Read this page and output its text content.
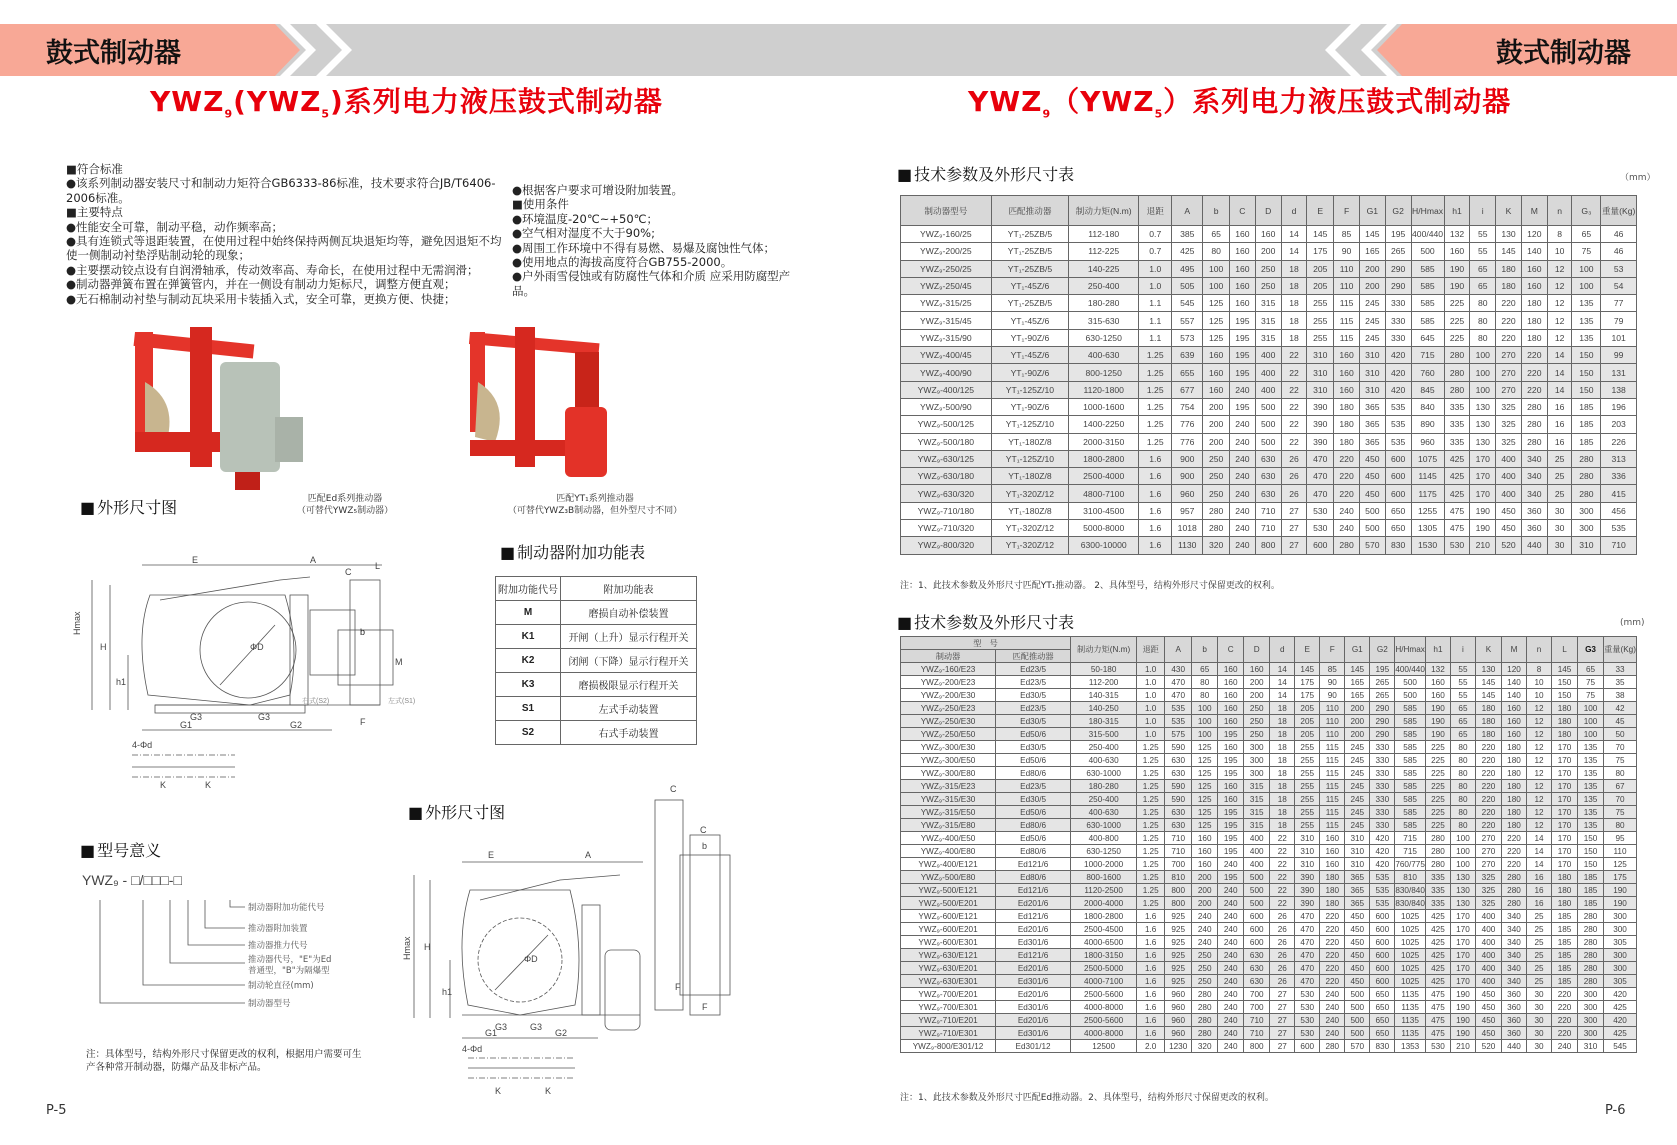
鼓式制动器	鼓式制动器
$YWZ_9(YWZ_5)$系列电力液压鼓式制动器	$YWZ_9(YWZ_5)$系列电力液压鼓式制动器

■符合标准

●该系列制动器安装尺寸和制动力矩符合GB6333-86标准，技术要求符合JB/T6406-2006标准。

■主要特点

●性能安全可靠，制动平稳，动作频率高；

●具有连锁式等退距装置，在使用过程中始终保持两侧瓦块退矩均等，避免因退矩不均使一侧制动衬垫浮贴制动轮的现象；

●主要摆动铰点设有自润滑轴承，传动效率高、寿命长，在使用过程中无需润滑；

●制动器弹簧布置在弹簧管内，并在一侧设有制动力矩标尺，调整方便直观；

●无石棉制动衬垫与制动瓦块采用卡装插入式，安全可靠，更换方便、快捷；

●根据客户要求可增设附加装置。

■使用条件

●环境温度-20℃~+50℃；

●空气相对湿度不大于90%;

●周围工作环境中不得有易燃、易爆及腐蚀性气体；

●使用地点的海拔高度符合GB755-2000。

●户外雨雪侵蚀或有防腐性气体和介质 应采用防腐型产品。

匹配Ed系列推动器
（可替代YWZ₅制动器）
匹配YT₁系列推动器
（可替代YWZ₃B制动器，但外型尺寸不同）
■ 外形尺寸图
E	A
ΦD
Hmax
H
h1
G3	G3
G1	G2
b
C
L
M
F
右式(S2)	左式(S1)
4-Φd
K	K
■ 制动器附加功能表
附加功能代号	附加功能表
M	磨损自动补偿装置
K1	开闸（上升）显示行程开关
K2	闭闸（下降）显示行程开关
K3	磨损极限显示行程开关
S1	左式手动装置
S2	右式手动装置
■ 型号意义
YWZ₉ - □/□□□-□
制动器附加功能代号
推动器附加装置
推动器推力代号
推动器代号，"E"为Ed
普通型，"B"为隔爆型
制动轮直径(mm)
制动器型号
注：具体型号，结构外形尺寸保留更改的权利，根据用户需要可生产各种常开制动器，防爆产品及非标产品。
■ 外形尺寸图
E	A
ΦD
Hmax H
h1
G3	G3
G1	G2
C
F
4-Φd
K	K
C
b
F
P-5	P-6
■ 技术参数及外形尺寸表	（mm）
制动器型号	匹配推动器	制动力矩(N.m)	退距	A	b	C	D	d	E	F	G1	G2	H/Hmax	h1	i	K	M	n	G₃	重量(Kg)
YWZ₉-160/25	YT₁-25ZB/5	112-180	0.7	385	65	160	160	14	145	85	145	195	400/440	132	55	130	120	8	65	46
YWZ₉-200/25	YT₁-25ZB/5	112-225	0.7	425	80	160	200	14	175	90	165	265	500	160	55	145	140	10	75	46
YWZ₉-250/25	YT₁-25ZB/5	140-225	1.0	495	100	160	250	18	205	110	200	290	585	190	65	180	160	12	100	53
YWZ₉-250/45	YT₁-45Z/6	250-400	1.0	505	100	160	250	18	205	110	200	290	585	190	65	180	160	12	100	54
YWZ₉-315/25	YT₁-25ZB/5	180-280	1.1	545	125	160	315	18	255	115	245	330	585	225	80	220	180	12	135	77
YWZ₉-315/45	YT₁-45Z/6	315-630	1.1	557	125	195	315	18	255	115	245	330	585	225	80	220	180	12	135	79
YWZ₉-315/90	YT₁-90Z/6	630-1250	1.1	573	125	195	315	18	255	115	245	330	645	225	80	220	180	12	135	101
YWZ₉-400/45	YT₁-45Z/6	400-630	1.25	639	160	195	400	22	310	160	310	420	715	280	100	270	220	14	150	99
YWZ₉-400/90	YT₁-90Z/6	800-1250	1.25	655	160	195	400	22	310	160	310	420	760	280	100	270	220	14	150	131
YWZ₉-400/125	YT₁-125Z/10	1120-1800	1.25	677	160	240	400	22	310	160	310	420	845	280	100	270	220	14	150	138
YWZ₉-500/90	YT₁-90Z/6	1000-1600	1.25	754	200	195	500	22	390	180	365	535	840	335	130	325	280	16	185	196
YWZ₉-500/125	YT₁-125Z/10	1400-2250	1.25	776	200	240	500	22	390	180	365	535	890	335	130	325	280	16	185	203
YWZ₉-500/180	YT₁-180Z/8	2000-3150	1.25	776	200	240	500	22	390	180	365	535	960	335	130	325	280	16	185	226
YWZ₉-630/125	YT₁-125Z/10	1800-2800	1.6	900	250	240	630	26	470	220	450	600	1075	425	170	400	340	25	280	313
YWZ₉-630/180	YT₁-180Z/8	2500-4000	1.6	900	250	240	630	26	470	220	450	600	1145	425	170	400	340	25	280	336
YWZ₉-630/320	YT₁-320Z/12	4800-7100	1.6	960	250	240	630	26	470	220	450	600	1175	425	170	400	340	25	280	415
YWZ₉-710/180	YT₁-180Z/8	3100-4500	1.6	957	280	240	710	27	530	240	500	650	1255	475	190	450	360	30	300	456
YWZ₉-710/320	YT₁-320Z/12	5000-8000	1.6	1018	280	240	710	27	530	240	500	650	1305	475	190	450	360	30	300	535
YWZ₉-800/320	YT₁-320Z/12	6300-10000	1.6	1130	320	240	800	27	600	280	570	830	1530	530	210	520	440	30	310	710
注：1、此技术参数及外形尺寸匹配YT₁推动器。 2、具体型号，结构外形尺寸保留更改的权利。
■ 技术参数及外形尺寸表	(mm)
型　号		制动力矩(N.m)	退距	A	b	C	D	d	E	F	G1	G2	H/Hmax	h1	i	K	M	n	L	G3	重量(Kg)
制动器	匹配推动器																				
YWZ₉-160/E23	Ed23/5	50-180	1.0	430	65	160	160	14	145	85	145	195	400/440	132	55	130	120	8	145	65	33
YWZ₉-200/E23	Ed23/5	112-200	1.0	470	80	160	200	14	175	90	165	265	500	160	55	145	140	10	150	75	35
YWZ₉-200/E30	Ed30/5	140-315	1.0	470	80	160	200	14	175	90	165	265	500	160	55	145	140	10	150	75	38
YWZ₉-250/E23	Ed23/5	140-250	1.0	535	100	160	250	18	205	110	200	290	585	190	65	180	160	12	180	100	42
YWZ₉-250/E30	Ed30/5	180-315	1.0	535	100	160	250	18	205	110	200	290	585	190	65	180	160	12	180	100	45
YWZ₉-250/E50	Ed50/6	315-500	1.0	575	100	195	250	18	205	110	200	290	585	190	65	180	160	12	180	100	50
YWZ₉-300/E30	Ed30/5	250-400	1.25	590	125	160	300	18	255	115	245	330	585	225	80	220	180	12	170	135	70
YWZ₉-300/E50	Ed50/6	400-630	1.25	630	125	195	300	18	255	115	245	330	585	225	80	220	180	12	170	135	75
YWZ₉-300/E80	Ed80/6	630-1000	1.25	630	125	195	300	18	255	115	245	330	585	225	80	220	180	12	170	135	80
YWZ₉-315/E23	Ed23/5	180-280	1.25	590	125	160	315	18	255	115	245	330	585	225	80	220	180	12	170	135	67
YWZ₉-315/E30	Ed30/5	250-400	1.25	590	125	160	315	18	255	115	245	330	585	225	80	220	180	12	170	135	70
YWZ₉-315/E50	Ed50/6	400-630	1.25	630	125	195	315	18	255	115	245	330	585	225	80	220	180	12	170	135	75
YWZ₉-315/E80	Ed80/6	630-1000	1.25	630	125	195	315	18	255	115	245	330	585	225	80	220	180	12	170	135	80
YWZ₉-400/E50	Ed50/6	400-800	1.25	710	160	195	400	22	310	160	310	420	715	280	100	270	220	14	170	150	95
YWZ₉-400/E80	Ed80/6	630-1250	1.25	710	160	195	400	22	310	160	310	420	715	280	100	270	220	14	170	150	110
YWZ₉-400/E121	Ed121/6	1000-2000	1.25	700	160	240	400	22	310	160	310	420	760/775	280	100	270	220	14	170	150	125
YWZ₉-500/E80	Ed80/6	800-1600	1.25	810	200	195	500	22	390	180	365	535	810	335	130	325	280	16	180	185	175
YWZ₉-500/E121	Ed121/6	1120-2500	1.25	800	200	240	500	22	390	180	365	535	830/840	335	130	325	280	16	180	185	190
YWZ₉-500/E201	Ed201/6	2000-4000	1.25	800	200	240	500	22	390	180	365	535	830/840	335	130	325	280	16	180	185	190
YWZ₉-600/E121	Ed121/6	1800-2800	1.6	925	240	240	600	26	470	220	450	600	1025	425	170	400	340	25	185	280	300
YWZ₉-600/E201	Ed201/6	2500-4500	1.6	925	240	240	600	26	470	220	450	600	1025	425	170	400	340	25	185	280	300
YWZ₉-600/E301	Ed301/6	4000-6500	1.6	925	240	240	600	26	470	220	450	600	1025	425	170	400	340	25	185	280	305
YWZ₉-630/E121	Ed121/6	1800-3150	1.6	925	250	240	630	26	470	220	450	600	1025	425	170	400	340	25	185	280	300
YWZ₉-630/E201	Ed201/6	2500-5000	1.6	925	250	240	630	26	470	220	450	600	1025	425	170	400	340	25	185	280	300
YWZ₉-630/E301	Ed301/6	4000-7100	1.6	925	250	240	630	26	470	220	450	600	1025	425	170	400	340	25	185	280	305
YWZ₉-700/E201	Ed201/6	2500-5600	1.6	960	280	240	700	27	530	240	500	650	1135	475	190	450	360	30	220	300	420
YWZ₉-700/E301	Ed301/6	4000-8000	1.6	960	280	240	700	27	530	240	500	650	1135	475	190	450	360	30	220	300	425
YWZ₉-710/E201	Ed201/6	2500-5600	1.6	960	280	240	710	27	530	240	500	650	1135	475	190	450	360	30	220	300	420
YWZ₉-710/E301	Ed301/6	4000-8000	1.6	960	280	240	710	27	530	240	500	650	1135	475	190	450	360	30	220	300	425
YWZ₉-800/E301/12	Ed301/12	12500	2.0	1230	320	240	800	27	600	280	570	830	1353	530	210	520	440	30	240	310	545
注：1、此技术参数及外形尺寸匹配Ed推动器。2、具体型号，结构外形尺寸保留更改的权利。
